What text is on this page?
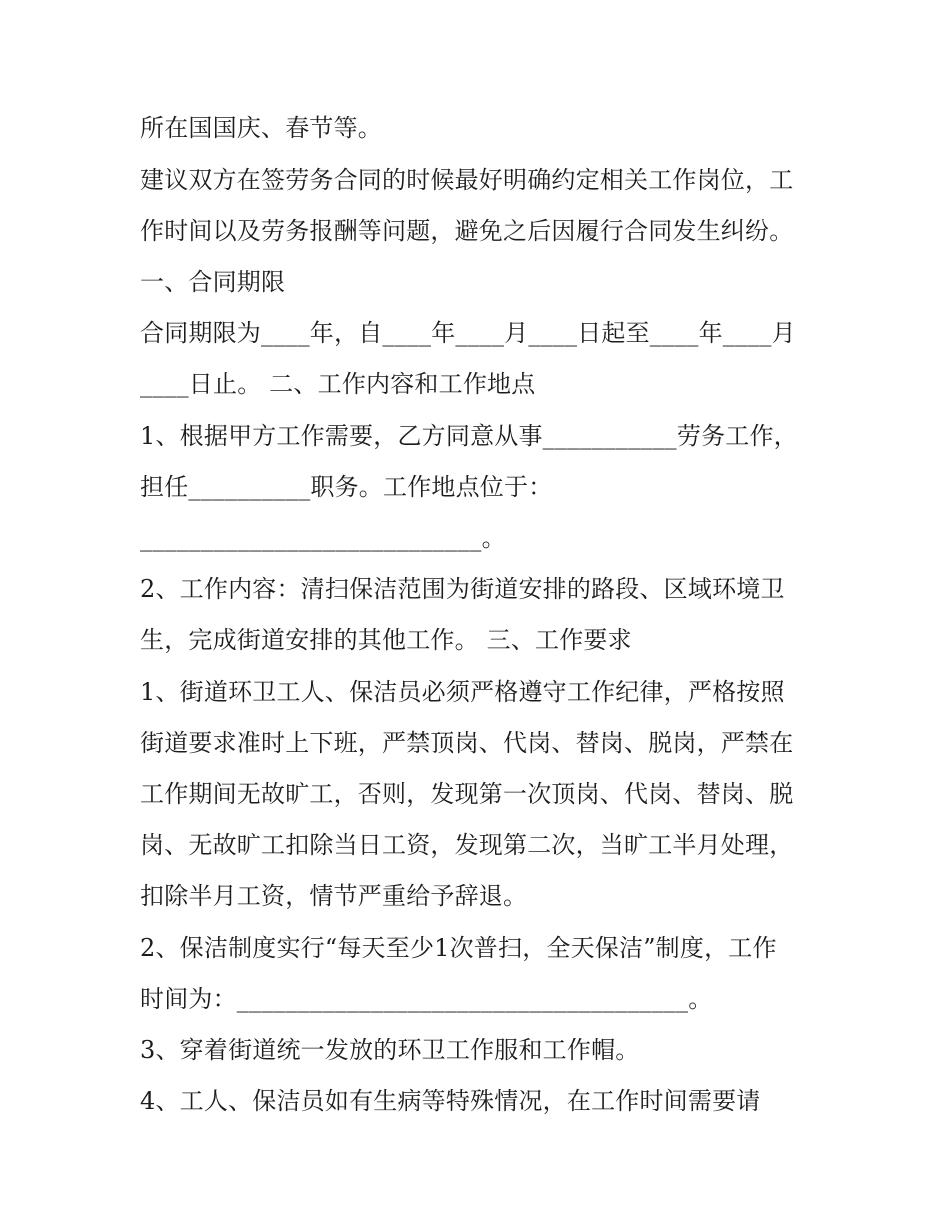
所在国国庆、春节等。
建议双方在签劳务合同的时候最好明确约定相关工作岗位，工
作时间以及劳务报酬等问题，避免之后因履行合同发生纠纷。
一、合同期限
合同期限为____年，自____年____月____日起至____年____月
____日止。 二、工作内容和工作地点
1、根据甲方工作需要，乙方同意从事___________劳务工作，
担任__________职务。工作地点位于：
____________________________。
2、工作内容：清扫保洁范围为街道安排的路段、区域环境卫
生，完成街道安排的其他工作。 三、工作要求
1、街道环卫工人、保洁员必须严格遵守工作纪律，严格按照
街道要求准时上下班，严禁顶岗、代岗、替岗、脱岗，严禁在
工作期间无故旷工，否则，发现第一次顶岗、代岗、替岗、脱
岗、无故旷工扣除当日工资，发现第二次，当旷工半月处理，
扣除半月工资，情节严重给予辞退。
2、保洁制度实行“每天至少1次普扫，全天保洁”制度，工作
时间为：_____________________________________。
3、穿着街道统一发放的环卫工作服和工作帽。
4、工人、保洁员如有生病等特殊情况，在工作时间需要请
